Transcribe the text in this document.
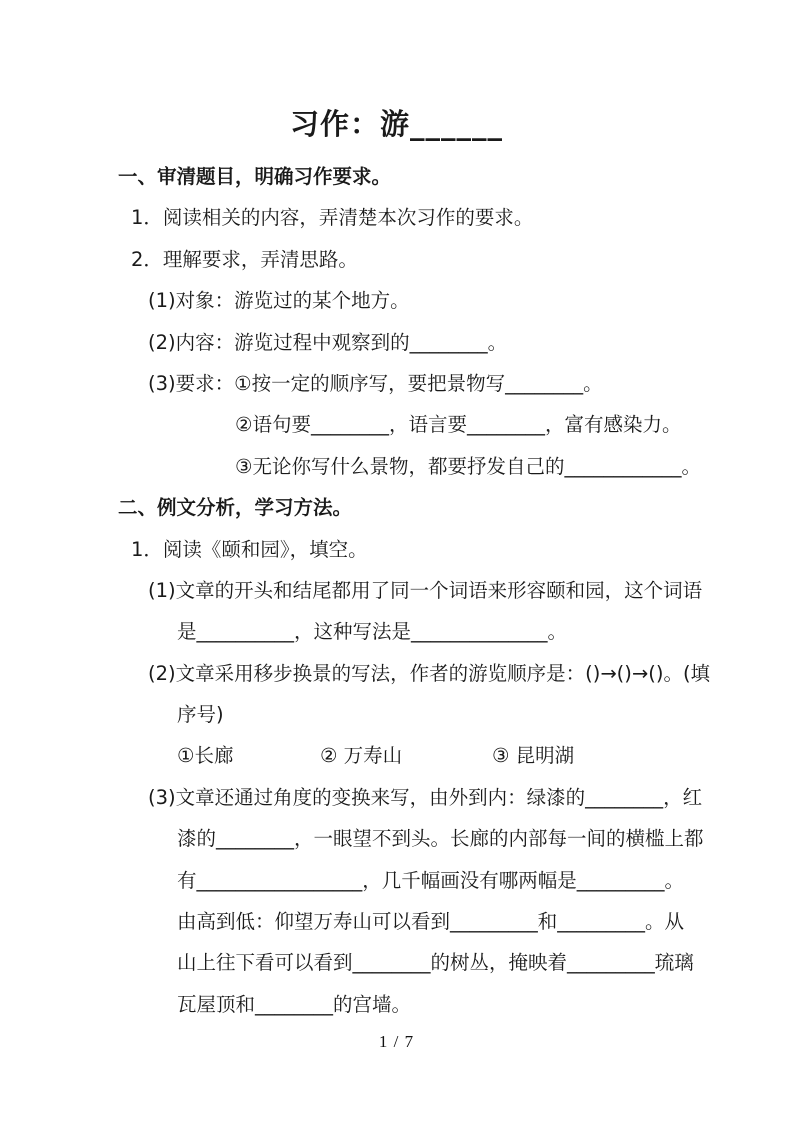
习作：游______
一、审清题目，明确习作要求。
1．阅读相关的内容，弄清楚本次习作的要求。
2．理解要求，弄清思路。
(1)对象：游览过的某个地方。
(2)内容：游览过程中观察到的________。
(3)要求：①按一定的顺序写，要把景物写________。
②语句要________，语言要________，富有感染力。
③无论你写什么景物，都要抒发自己的____________。
二、例文分析，学习方法。
1．阅读《颐和园》，填空。
(1)文章的开头和结尾都用了同一个词语来形容颐和园，这个词语
是__________，这种写法是______________。
(2)文章采用移步换景的写法，作者的游览顺序是：()→()→()。(填
序号)
①长廊	② 万寿山	③ 昆明湖
(3)文章还通过角度的变换来写，由外到内：绿漆的________，红
漆的________，一眼望不到头。长廊的内部每一间的横槛上都
有_________________，几千幅画没有哪两幅是_________。
由高到低：仰望万寿山可以看到_________和_________。从
山上往下看可以看到________的树丛，掩映着_________琉璃
瓦屋顶和________的宫墙。
1 / 7
